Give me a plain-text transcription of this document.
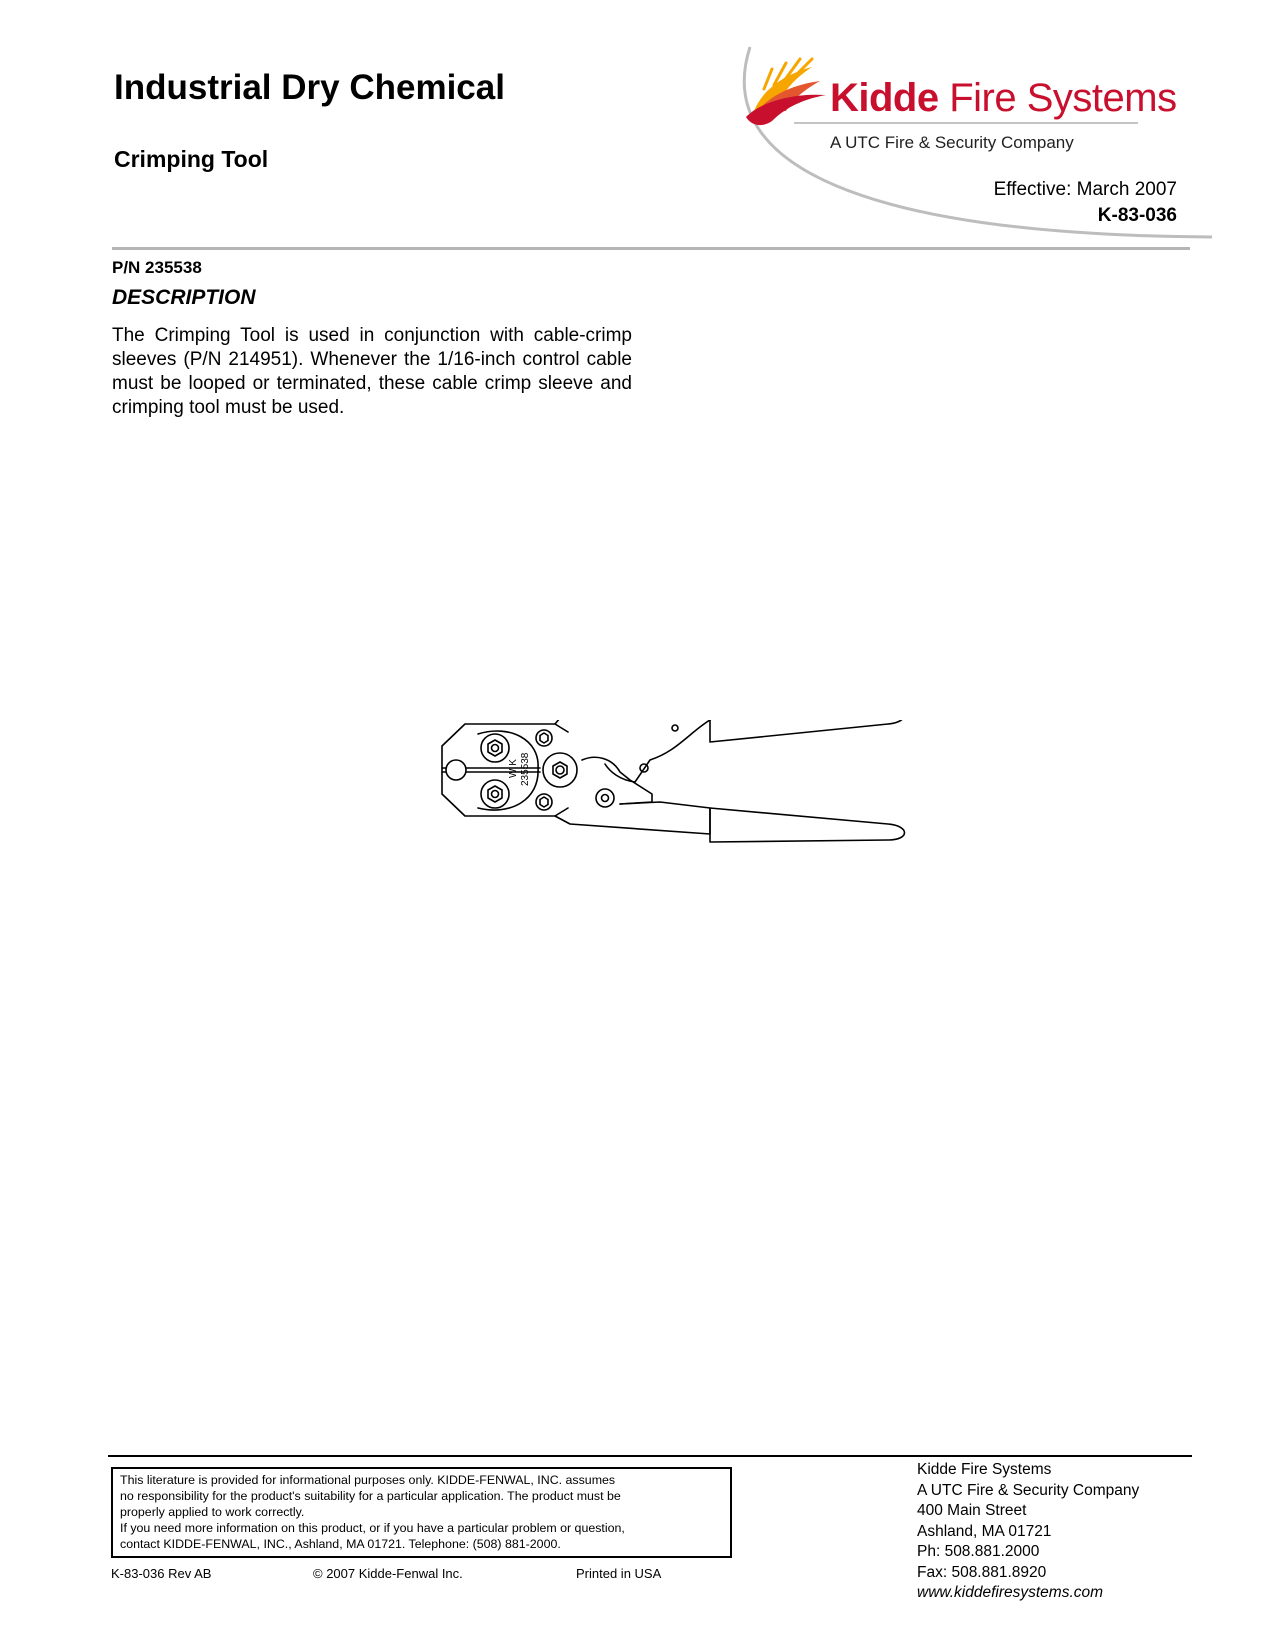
Industrial Dry Chemical
Crimping Tool
Kidde Fire Systems
A UTC Fire & Security Company
Effective: March 2007
K-83-036
P/N 235538
DESCRIPTION
The Crimping Tool is used in conjunction with cable-crimp sleeves (P/N 214951). Whenever the 1/16-inch control cable must be looped or terminated, these cable crimp sleeve and crimping tool must be used.
W K 235538
This literature is provided for informational purposes only. KIDDE-FENWAL, INC. assumes
no responsibility for the product's suitability for a particular application. The product must be
properly applied to work correctly.
If you need more information on this product, or if you have a particular problem or question,
contact KIDDE-FENWAL, INC., Ashland, MA 01721. Telephone: (508) 881-2000.
K-83-036 Rev AB	© 2007 Kidde-Fenwal Inc.	Printed in USA
Kidde Fire Systems
A UTC Fire & Security Company
400 Main Street
Ashland, MA 01721
Ph: 508.881.2000
Fax: 508.881.8920
www.kiddefiresystems.com
